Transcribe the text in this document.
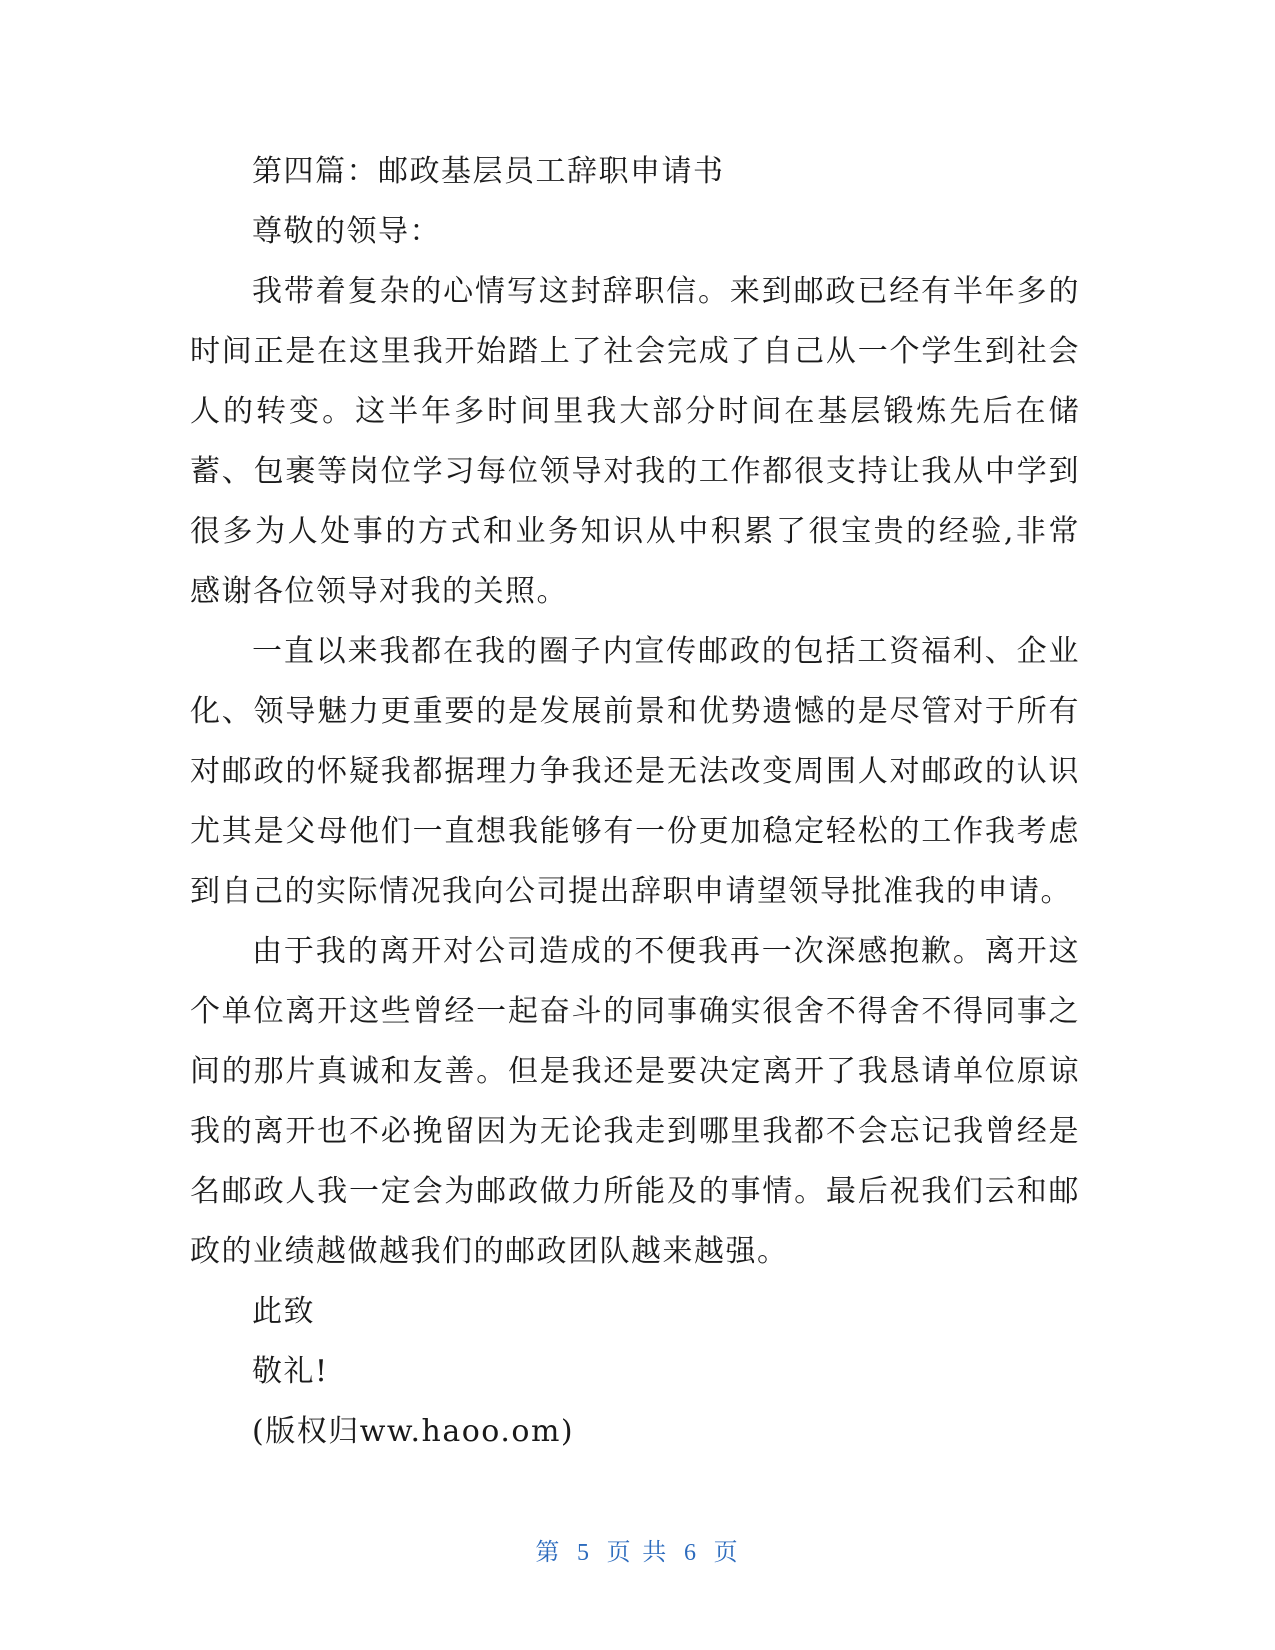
第四篇：邮政基层员工辞职申请书

尊敬的领导：

我带着复杂的心情写这封辞职信。来到邮政已经有半年多的时间正是在这里我开始踏上了社会完成了自己从一个学生到社会人的转变。这半年多时间里我大部分时间在基层锻炼先后在储蓄、包裹等岗位学习每位领导对我的工作都很支持让我从中学到很多为人处事的方式和业务知识从中积累了很宝贵的经验,非常感谢各位领导对我的关照。

一直以来我都在我的圈子内宣传邮政的包括工资福利、企业化、领导魅力更重要的是发展前景和优势遗憾的是尽管对于所有对邮政的怀疑我都据理力争我还是无法改变周围人对邮政的认识尤其是父母他们一直想我能够有一份更加稳定轻松的工作我考虑到自己的实际情况我向公司提出辞职申请望领导批准我的申请。

由于我的离开对公司造成的不便我再一次深感抱歉。离开这个单位离开这些曾经一起奋斗的同事确实很舍不得舍不得同事之间的那片真诚和友善。但是我还是要决定离开了我恳请单位原谅我的离开也不必挽留因为无论我走到哪里我都不会忘记我曾经是名邮政人我一定会为邮政做力所能及的事情。最后祝我们云和邮政的业绩越做越我们的邮政团队越来越强。

此致

敬礼!

(版权归ww.haoo.om)

第 5 页 共 6 页
